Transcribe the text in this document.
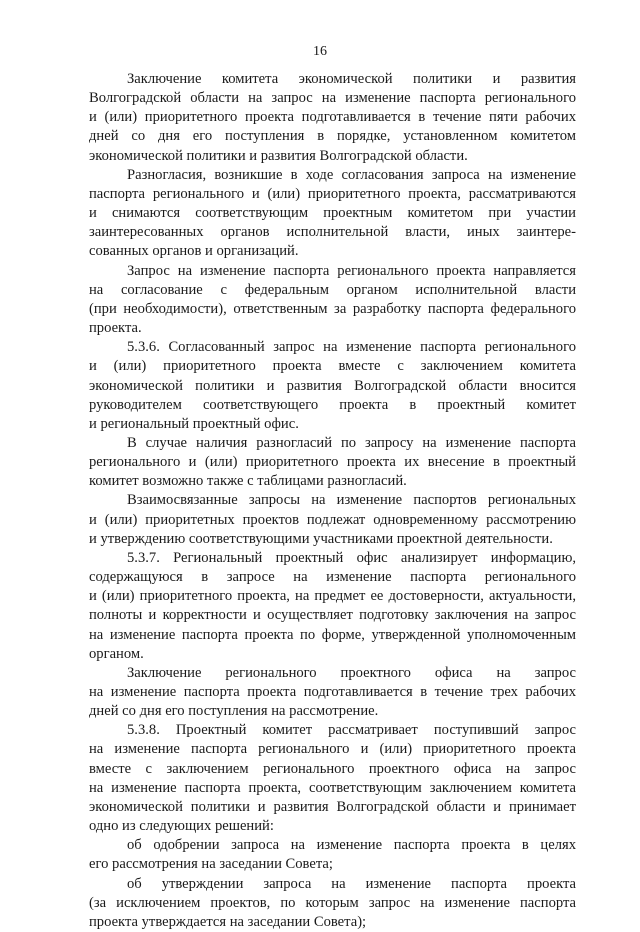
16

Заключение комитета экономической политики и развития
Волгоградской области на запрос на изменение паспорта регионального
и (или) приоритетного проекта подготавливается в течение пяти рабочих
дней со дня его поступления в порядке, установленном комитетом
экономической политики и развития Волгоградской области.

Разногласия, возникшие в ходе согласования запроса на изменение
паспорта регионального и (или) приоритетного проекта, рассматриваются
и снимаются соответствующим проектным комитетом при участии
заинтересованных органов исполнительной власти, иных заинтере-
сованных органов и организаций.

Запрос на изменение паспорта регионального проекта направляется
на согласование с федеральным органом исполнительной власти
(при необходимости), ответственным за разработку паспорта федерального
проекта.

5.3.6. Согласованный запрос на изменение паспорта регионального
и (или) приоритетного проекта вместе с заключением комитета
экономической политики и развития Волгоградской области вносится
руководителем соответствующего проекта в проектный комитет
и региональный проектный офис.

В случае наличия разногласий по запросу на изменение паспорта
регионального и (или) приоритетного проекта их внесение в проектный
комитет возможно также с таблицами разногласий.

Взаимосвязанные запросы на изменение паспортов региональных
и (или) приоритетных проектов подлежат одновременному рассмотрению
и утверждению соответствующими участниками проектной деятельности.

5.3.7. Региональный проектный офис анализирует информацию,
содержащуюся в запросе на изменение паспорта регионального
и (или) приоритетного проекта, на предмет ее достоверности, актуальности,
полноты и корректности и осуществляет подготовку заключения на запрос
на изменение паспорта проекта по форме, утвержденной уполномоченным
органом.

Заключение регионального проектного офиса на запрос
на изменение паспорта проекта подготавливается в течение трех рабочих
дней со дня его поступления на рассмотрение.

5.3.8. Проектный комитет рассматривает поступивший запрос
на изменение паспорта регионального и (или) приоритетного проекта
вместе с заключением регионального проектного офиса на запрос
на изменение паспорта проекта, соответствующим заключением комитета
экономической политики и развития Волгоградской области и принимает
одно из следующих решений:

об одобрении запроса на изменение паспорта проекта в целях
его рассмотрения на заседании Совета;

об утверждении запроса на изменение паспорта проекта
(за исключением проектов, по которым запрос на изменение паспорта
проекта утверждается на заседании Совета);
